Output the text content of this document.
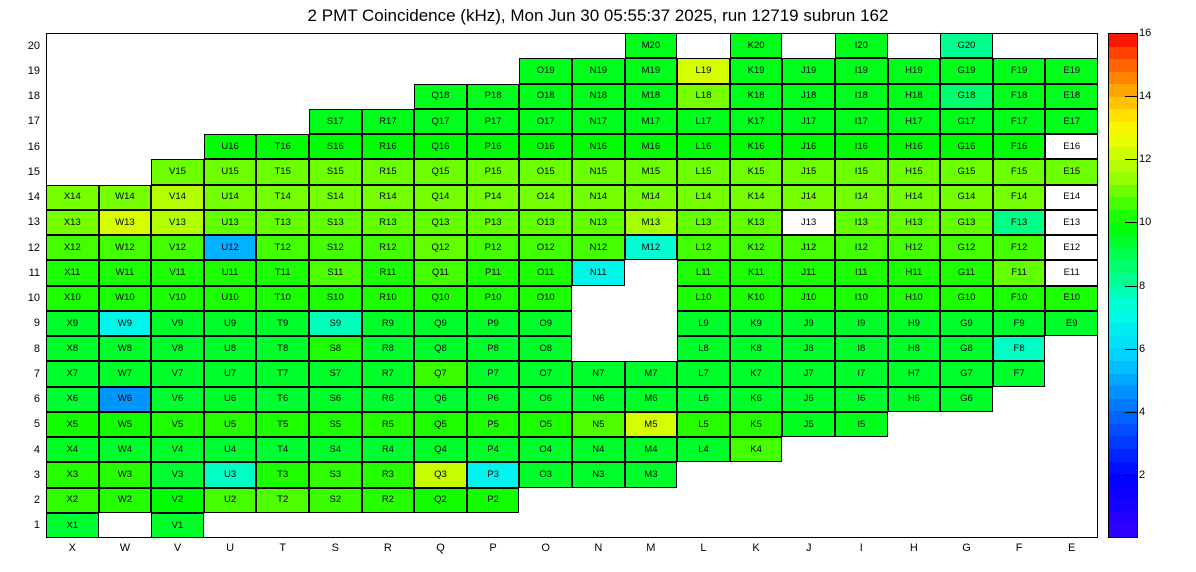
2 PMT Coincidence (kHz), Mon Jun 30 05:55:37 2025, run 12719 subrun 162
X1	V1
X2	W2	V2	U2	T2	S2	R2	Q2	P2
X3	W3	V3	U3	T3	S3	R3	Q3	P3	O3	N3	M3
X4	W4	V4	U4	T4	S4	R4	Q4	P4	O4	N4	M4	L4	K4
X5	W5	V5	U5	T5	S5	R5	Q5	P5	O5	N5	M5	L5	K5	J5	I5
X6	W6	V6	U6	T6	S6	R6	Q6	P6	O6	N6	M6	L6	K6	J6	I6	H6	G6
X7	W7	V7	U7	T7	S7	R7	Q7	P7	O7	N7	M7	L7	K7	J7	I7	H7	G7	F7
X8	W8	V8	U8	T8	S8	R8	Q8	P8	O8	L8	K8	J8	I8	H8	G8	F8
X9	W9	V9	U9	T9	S9	R9	Q9	P9	O9	L9	K9	J9	I9	H9	G9	F9	E9
X10	W10	V10	U10	T10	S10	R10	Q10	P10	O10	L10	K10	J10	I10	H10	G10	F10	E10
X11	W11	V11	U11	T11	S11	R11	Q11	P11	O11	N11	L11	K11	J11	I11	H11	G11	F11	E11
X12	W12	V12	U12	T12	S12	R12	Q12	P12	O12	N12	M12	L12	K12	J12	I12	H12	G12	F12	E12
X13	W13	V13	U13	T13	S13	R13	Q13	P13	O13	N13	M13	L13	K13	J13	I13	H13	G13	F13	E13
X14	W14	V14	U14	T14	S14	R14	Q14	P14	O14	N14	M14	L14	K14	J14	I14	H14	G14	F14	E14
V15	U15	T15	S15	R15	Q15	P15	O15	N15	M15	L15	K15	J15	I15	H15	G15	F15	E15
U16	T16	S16	R16	Q16	P16	O16	N16	M16	L16	K16	J16	I16	H16	G16	F16	E16
S17	R17	Q17	P17	O17	N17	M17	L17	K17	J17	I17	H17	G17	F17	E17
Q18	P18	O18	N18	M18	L18	K18	J18	I18	H18	G18	F18	E18
O19	N19	M19	L19	K19	J19	I19	H19	G19	F19	E19
M20	K20	I20	G20
1
2
3
4
5
6
7
8
9
10
11
12
13
14
15
16
17
18
19
20
X	W	V	U	T	S	R	Q	P	O	N	M	L	K	J	I	H	G	F	E
2
4
6
8
10
12
14
16
